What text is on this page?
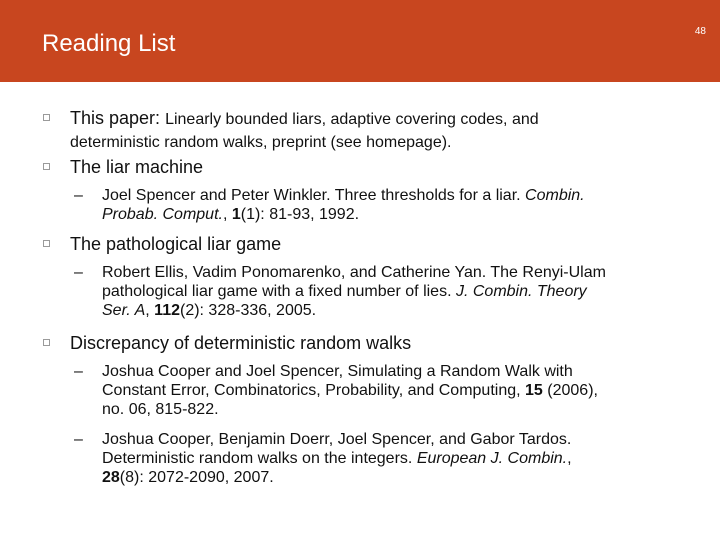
Reading List	48
This paper: Linearly bounded liars, adaptive covering codes, and
deterministic random walks, preprint (see homepage).
The liar machine
– Joel Spencer and Peter Winkler. Three thresholds for a liar. Combin.
Probab. Comput., 1(1): 81-93, 1992.
The pathological liar game
– Robert Ellis, Vadim Ponomarenko, and Catherine Yan. The Renyi-Ulam
pathological liar game with a fixed number of lies. J. Combin. Theory
Ser. A, 112(2): 328-336, 2005.
Discrepancy of deterministic random walks
– Joshua Cooper and Joel Spencer, Simulating a Random Walk with
Constant Error, Combinatorics, Probability, and Computing, 15 (2006),
no. 06, 815-822.
– Joshua Cooper, Benjamin Doerr, Joel Spencer, and Gabor Tardos.
Deterministic random walks on the integers. European J. Combin.,
28(8): 2072-2090, 2007.
